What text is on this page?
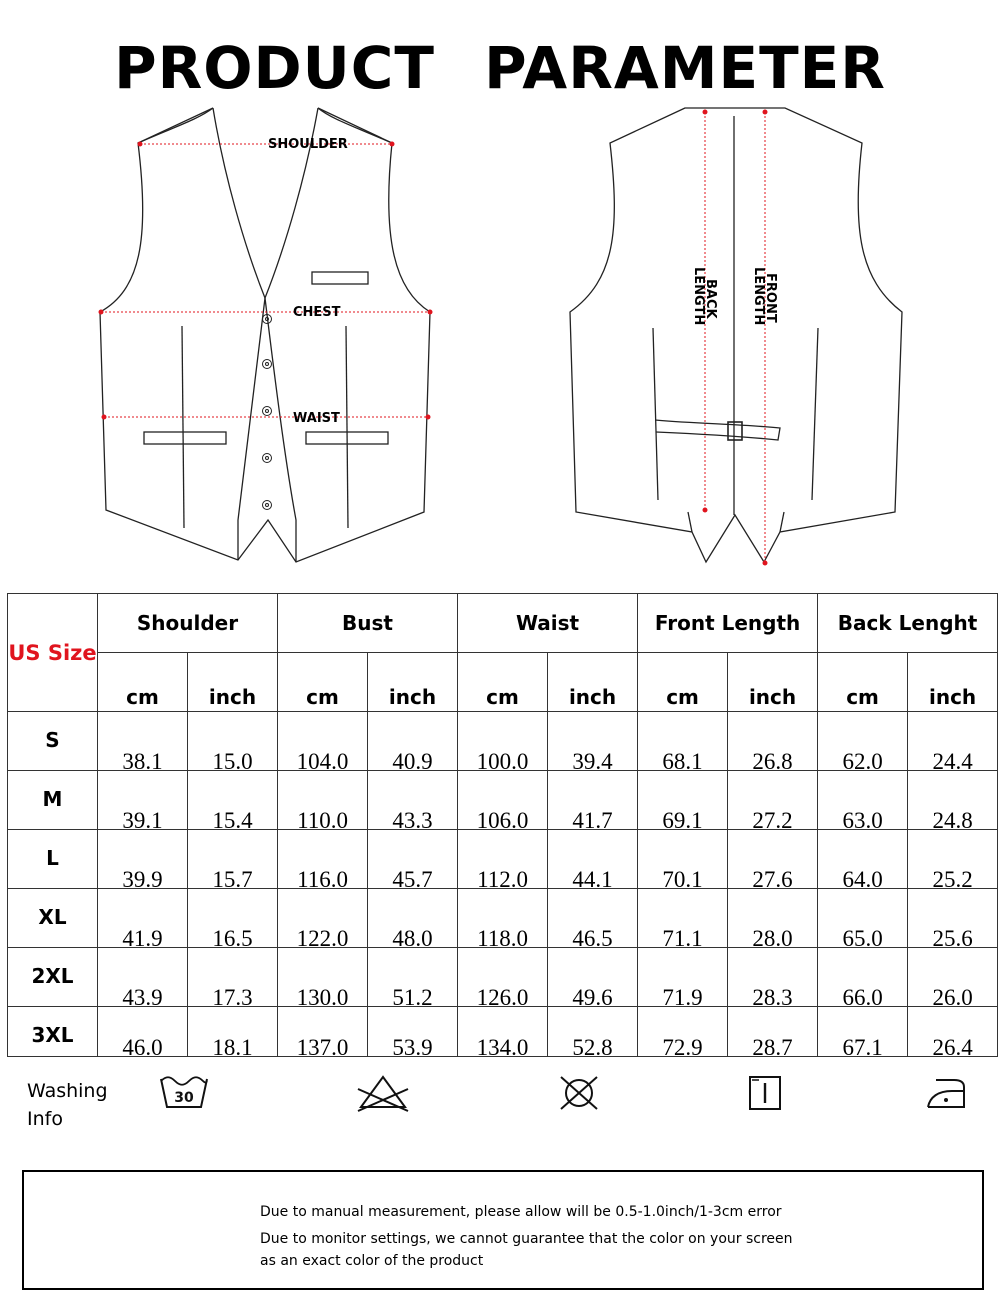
PRODUCT PARAMETER
SHOULDER
CHEST
WAIST
BACK
LENGTH	FRONT
LENGTH
US Size	Shoulder		Bust		Waist		Front Length		Back Lenght	
	cm	inch	cm	inch	cm	inch	cm	inch	cm	inch
S	38.1	15.0	104.0	40.9	100.0	39.4	68.1	26.8	62.0	24.4
M	39.1	15.4	110.0	43.3	106.0	41.7	69.1	27.2	63.0	24.8
L	39.9	15.7	116.0	45.7	112.0	44.1	70.1	27.6	64.0	25.2
XL	41.9	16.5	122.0	48.0	118.0	46.5	71.1	28.0	65.0	25.6
2XL	43.9	17.3	130.0	51.2	126.0	49.6	71.9	28.3	66.0	26.0
3XL	46.0	18.1	137.0	53.9	134.0	52.8	72.9	28.7	67.1	26.4
Washing
Info
30

Due to manual measurement, please allow will be 0.5-1.0inch/1-3cm error

Due to monitor settings, we cannot guarantee that the color on your screen

as an exact color of the product
